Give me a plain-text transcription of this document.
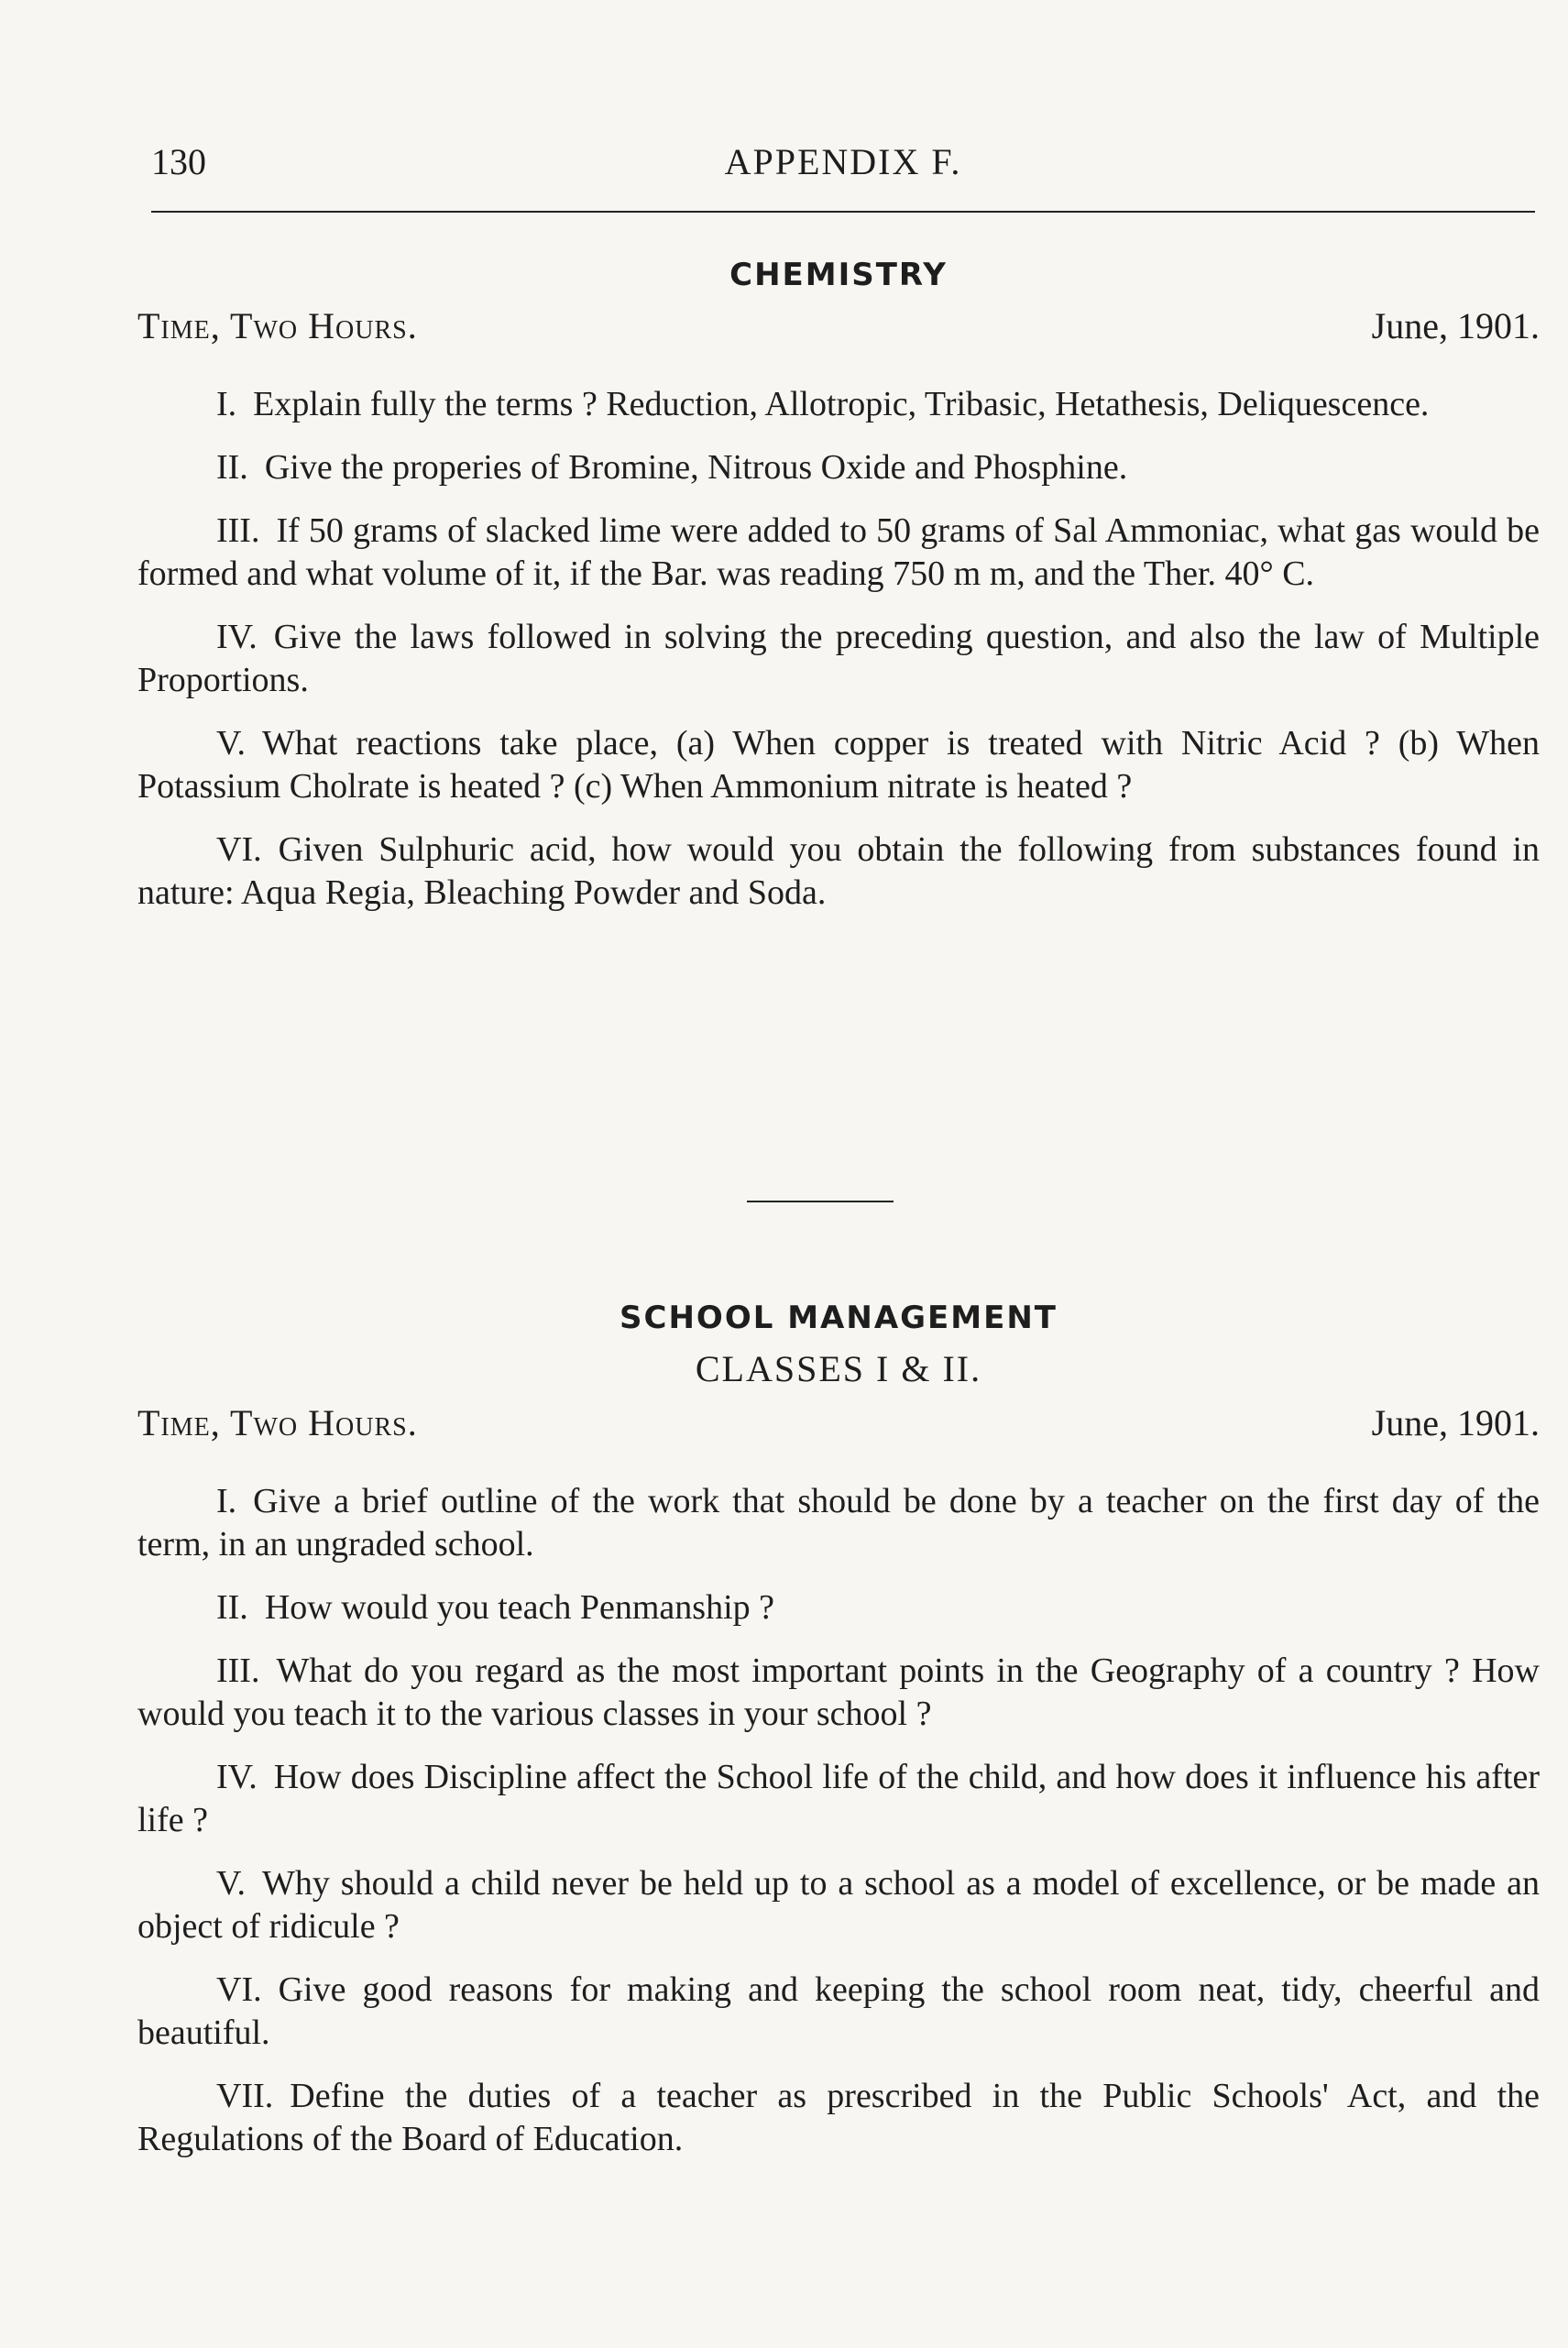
130	APPENDIX F.
CHEMISTRY
Time, Two Hours.	June, 1901.

I. Explain fully the terms ? Reduction, Allotropic, Tribasic, Hetathesis, Deliquescence.

II. Give the properies of Bromine, Nitrous Oxide and Phosphine.

III. If 50 grams of slacked lime were added to 50 grams of Sal Ammoniac, what gas would be formed and what volume of it, if the Bar. was reading 750 m m, and the Ther. 40° C.

IV. Give the laws followed in solving the preceding question, and also the law of Multiple Proportions.

V. What reactions take place, (a) When copper is treated with Nitric Acid ? (b) When Potassium Cholrate is heated ? (c) When Ammonium nitrate is heated ?

VI. Given Sulphuric acid, how would you obtain the following from substances found in nature: Aqua Regia, Bleaching Powder and Soda.

SCHOOL MANAGEMENT
CLASSES I & II.
Time, Two Hours.	June, 1901.

I. Give a brief outline of the work that should be done by a teacher on the first day of the term, in an ungraded school.

II. How would you teach Penmanship ?

III. What do you regard as the most important points in the Geography of a country ? How would you teach it to the various classes in your school ?

IV. How does Discipline affect the School life of the child, and how does it influence his after life ?

V. Why should a child never be held up to a school as a model of excellence, or be made an object of ridicule ?

VI. Give good reasons for making and keeping the school room neat, tidy, cheerful and beautiful.

VII. Define the duties of a teacher as prescribed in the Public Schools' Act, and the Regulations of the Board of Education.
